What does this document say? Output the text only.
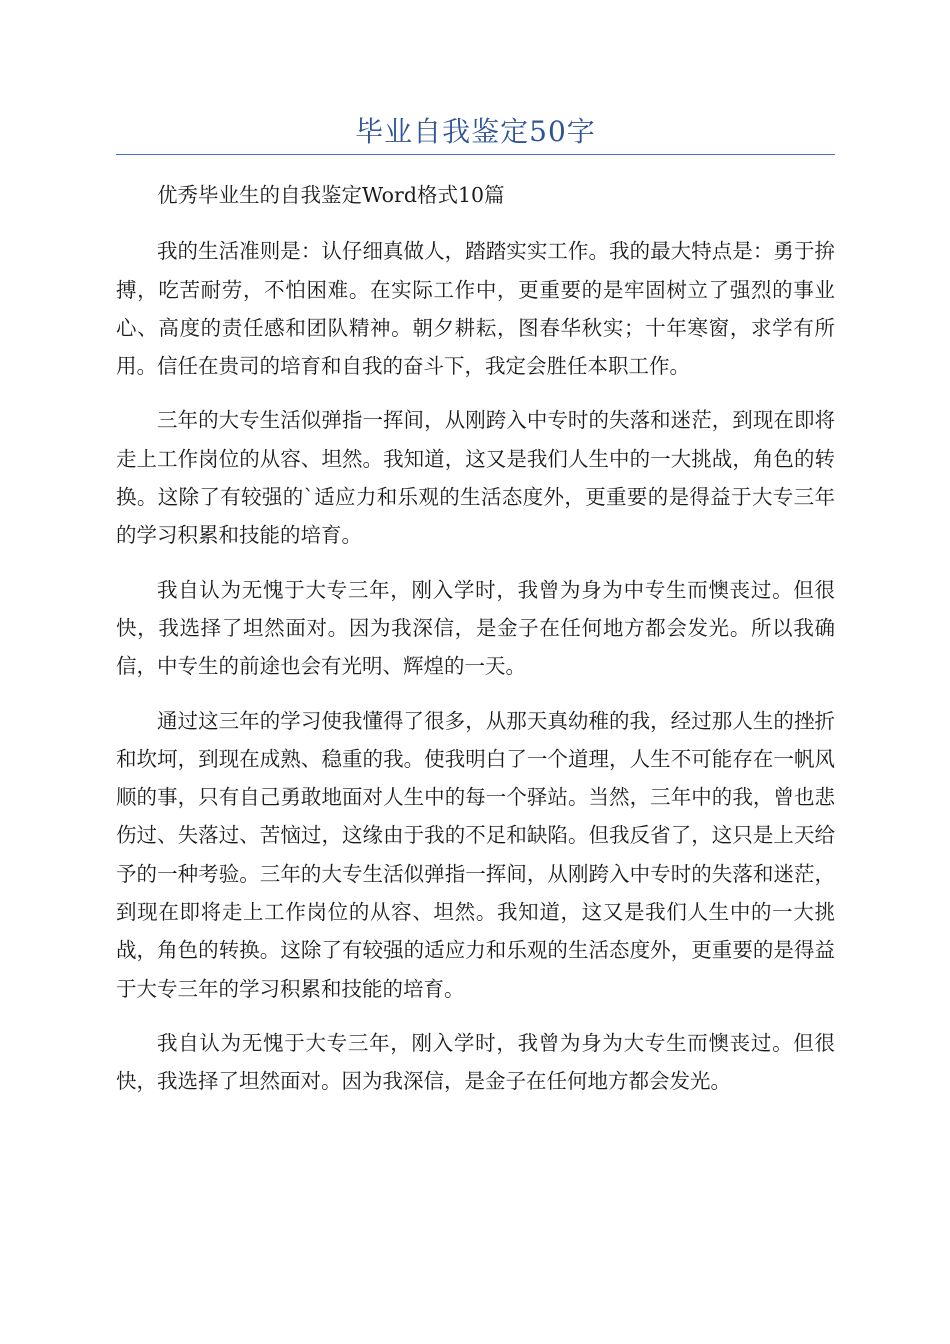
毕业自我鉴定50字

优秀毕业生的自我鉴定Word格式10篇

我的生活准则是：认仔细真做人，踏踏实实工作。我的最大特点是：勇于拚搏，吃苦耐劳，不怕困难。在实际工作中，更重要的是牢固树立了强烈的事业心、高度的责任感和团队精神。朝夕耕耘，图春华秋实；十年寒窗，求学有所用。信任在贵司的培育和自我的奋斗下，我定会胜任本职工作。

三年的大专生活似弹指一挥间，从刚跨入中专时的失落和迷茫，到现在即将走上工作岗位的从容、坦然。我知道，这又是我们人生中的一大挑战，角色的转换。这除了有较强的`适应力和乐观的生活态度外，更重要的是得益于大专三年的学习积累和技能的培育。

我自认为无愧于大专三年，刚入学时，我曾为身为中专生而懊丧过。但很快，我选择了坦然面对。因为我深信，是金子在任何地方都会发光。所以我确信，中专生的前途也会有光明、辉煌的一天。

通过这三年的学习使我懂得了很多，从那天真幼稚的我，经过那人生的挫折和坎坷，到现在成熟、稳重的我。使我明白了一个道理，人生不可能存在一帆风顺的事，只有自己勇敢地面对人生中的每一个驿站。当然，三年中的我，曾也悲伤过、失落过、苦恼过，这缘由于我的不足和缺陷。但我反省了，这只是上天给予的一种考验。三年的大专生活似弹指一挥间，从刚跨入中专时的失落和迷茫，到现在即将走上工作岗位的从容、坦然。我知道，这又是我们人生中的一大挑战，角色的转换。这除了有较强的适应力和乐观的生活态度外，更重要的是得益于大专三年的学习积累和技能的培育。

我自认为无愧于大专三年，刚入学时，我曾为身为大专生而懊丧过。但很快，我选择了坦然面对。因为我深信，是金子在任何地方都会发光。
